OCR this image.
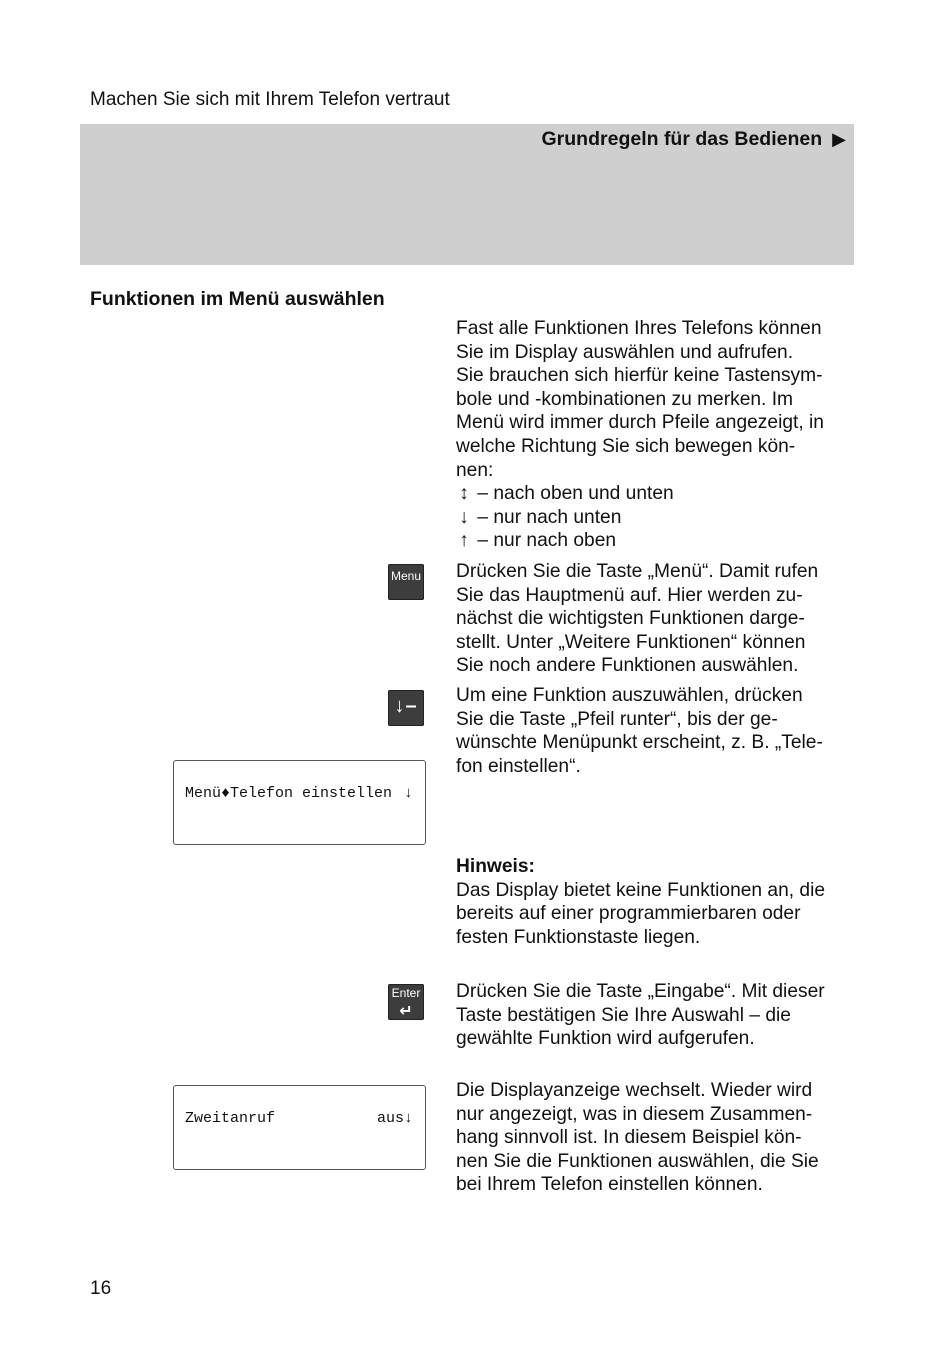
Machen Sie sich mit Ihrem Telefon vertraut
Grundregeln für das Bedienen ▶
Funktionen im Menü auswählen

Fast alle Funktionen Ihres Telefons können

Sie im Display auswählen und aufrufen.

Sie brauchen sich hierfür keine Tastensym-

bole und -kombinationen zu merken. Im

Menü wird immer durch Pfeile angezeigt, in

welche Richtung Sie sich bewegen kön-

nen:

↕ – nach oben und unten

↓ – nur nach unten

↑ – nur nach oben

Menu Drücken Sie die Taste „Menü“. Damit rufen

Sie das Hauptmenü auf. Hier werden zu-

nächst die wichtigsten Funktionen darge-

stellt. Unter „Weitere Funktionen“ können

Sie noch andere Funktionen auswählen.

↓–	Um eine Funktion auszuwählen, drücken

Sie die Taste „Pfeil runter“, bis der ge-

wünschte Menüpunkt erscheint, z. B. „Tele-

fon einstellen“.

Menü♦Telefon einstellen ↓

Hinweis:

Das Display bietet keine Funktionen an, die

bereits auf einer programmierbaren oder

festen Funktionstaste liegen.

Enter
↵

Drücken Sie die Taste „Eingabe“. Mit dieser

Taste bestätigen Sie Ihre Auswahl – die

gewählte Funktion wird aufgerufen.

Zweitanruf	aus↓

Die Displayanzeige wechselt. Wieder wird

nur angezeigt, was in diesem Zusammen-

hang sinnvoll ist. In diesem Beispiel kön-

nen Sie die Funktionen auswählen, die Sie

bei Ihrem Telefon einstellen können.

16
